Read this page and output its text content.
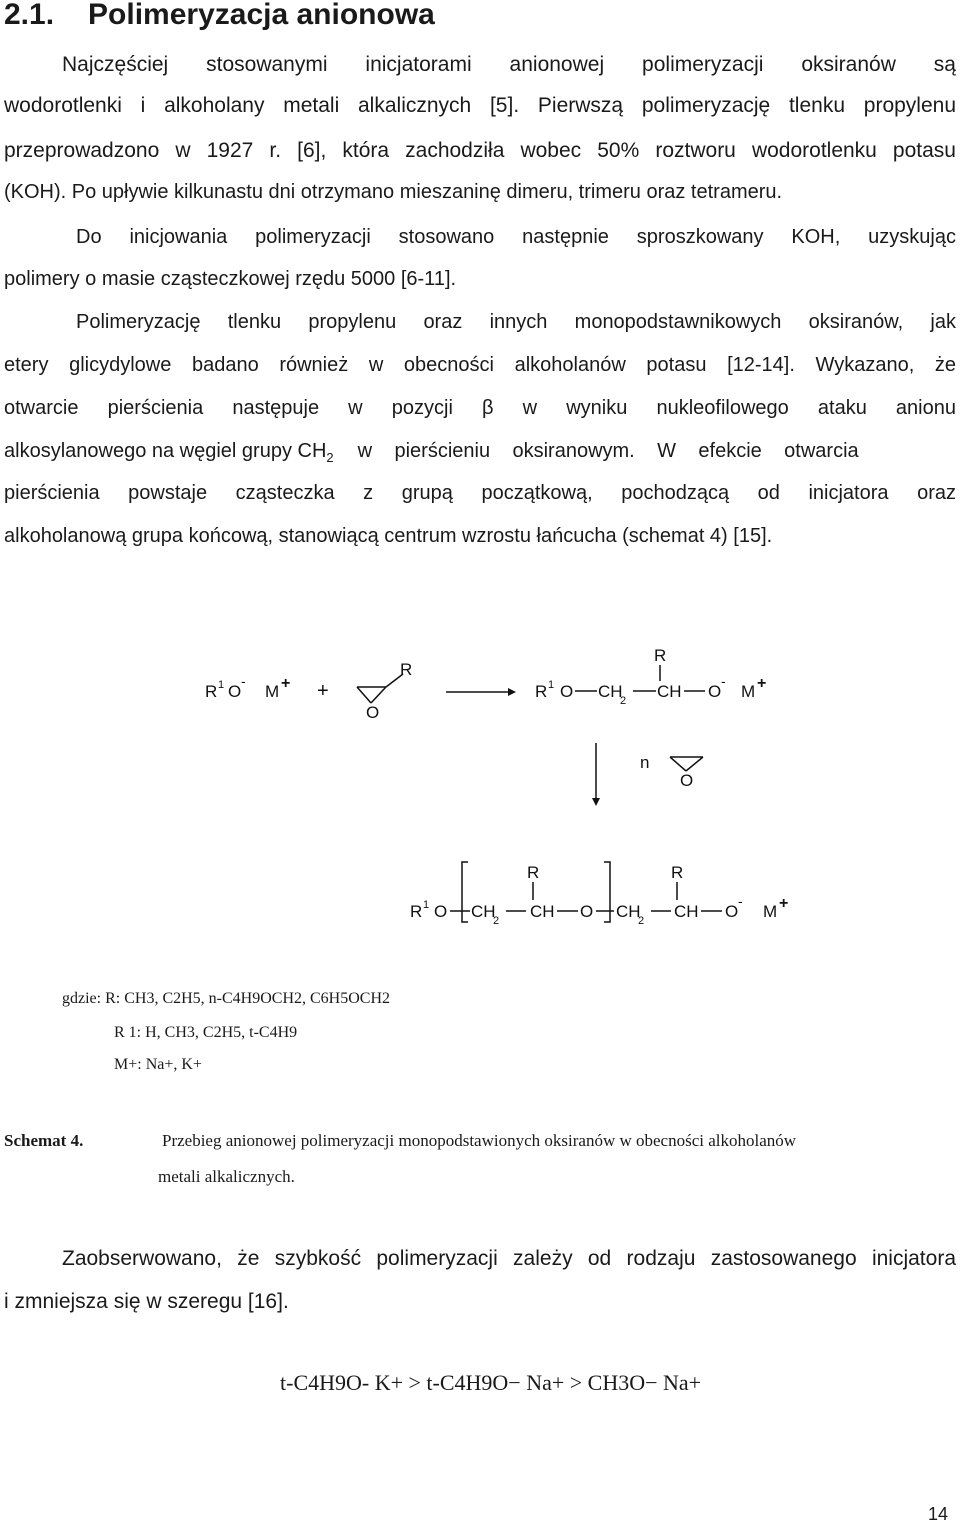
2.1. Polimeryzacja anionowa
Najczęściej stosowanymi inicjatorami anionowej polimeryzacji oksiranów są
wodorotlenki i alkoholany metali alkalicznych [5]. Pierwszą polimeryzację tlenku propylenu
przeprowadzono w 1927 r. [6], która zachodziła wobec 50% roztworu wodorotlenku potasu
(KOH). Po upływie kilkunastu dni otrzymano mieszaninę dimeru, trimeru oraz tetrameru.
Do inicjowania polimeryzacji stosowano następnie sproszkowany KOH, uzyskując
polimery o masie cząsteczkowej rzędu 5000 [6-11].
Polimeryzację tlenku propylenu oraz innych monopodstawnikowych oksiranów, jak
etery glicydylowe badano również w obecności alkoholanów potasu [12-14]. Wykazano, że
otwarcie pierścienia następuje w pozycji β w wyniku nukleofilowego ataku anionu
alkosylanowego na węgiel grupy $CH_2$ w pierścieniu oksiranowym. W efekcie otwarcia
pierścienia powstaje cząsteczka z grupą początkową, pochodzącą od inicjatora oraz
alkoholanową grupa końcową, stanowiącą centrum wzrostu łańcucha (schemat 4) [15].
R 1 O
-
M + +
R
O
R 1 O CH
2
R
CH O
-
M +
n
O
R 1 O CH
2
R
CH O CH
2
R
CH O
-
M +
gdzie: R: CH3, C2H5, n-C4H9OCH2, C6H5OCH2
R 1: H, CH3, C2H5, t-C4H9
M+: Na+, K+
Schemat 4.	Przebieg anionowej polimeryzacji monopodstawionych oksiranów w obecności alkoholanów
metali alkalicznych.
Zaobserwowano, że szybkość polimeryzacji zależy od rodzaju zastosowanego inicjatora
i zmniejsza się w szeregu [16].
t-C4H9O- K+ > t-C4H9O− Na+ > CH3O− Na+
14
